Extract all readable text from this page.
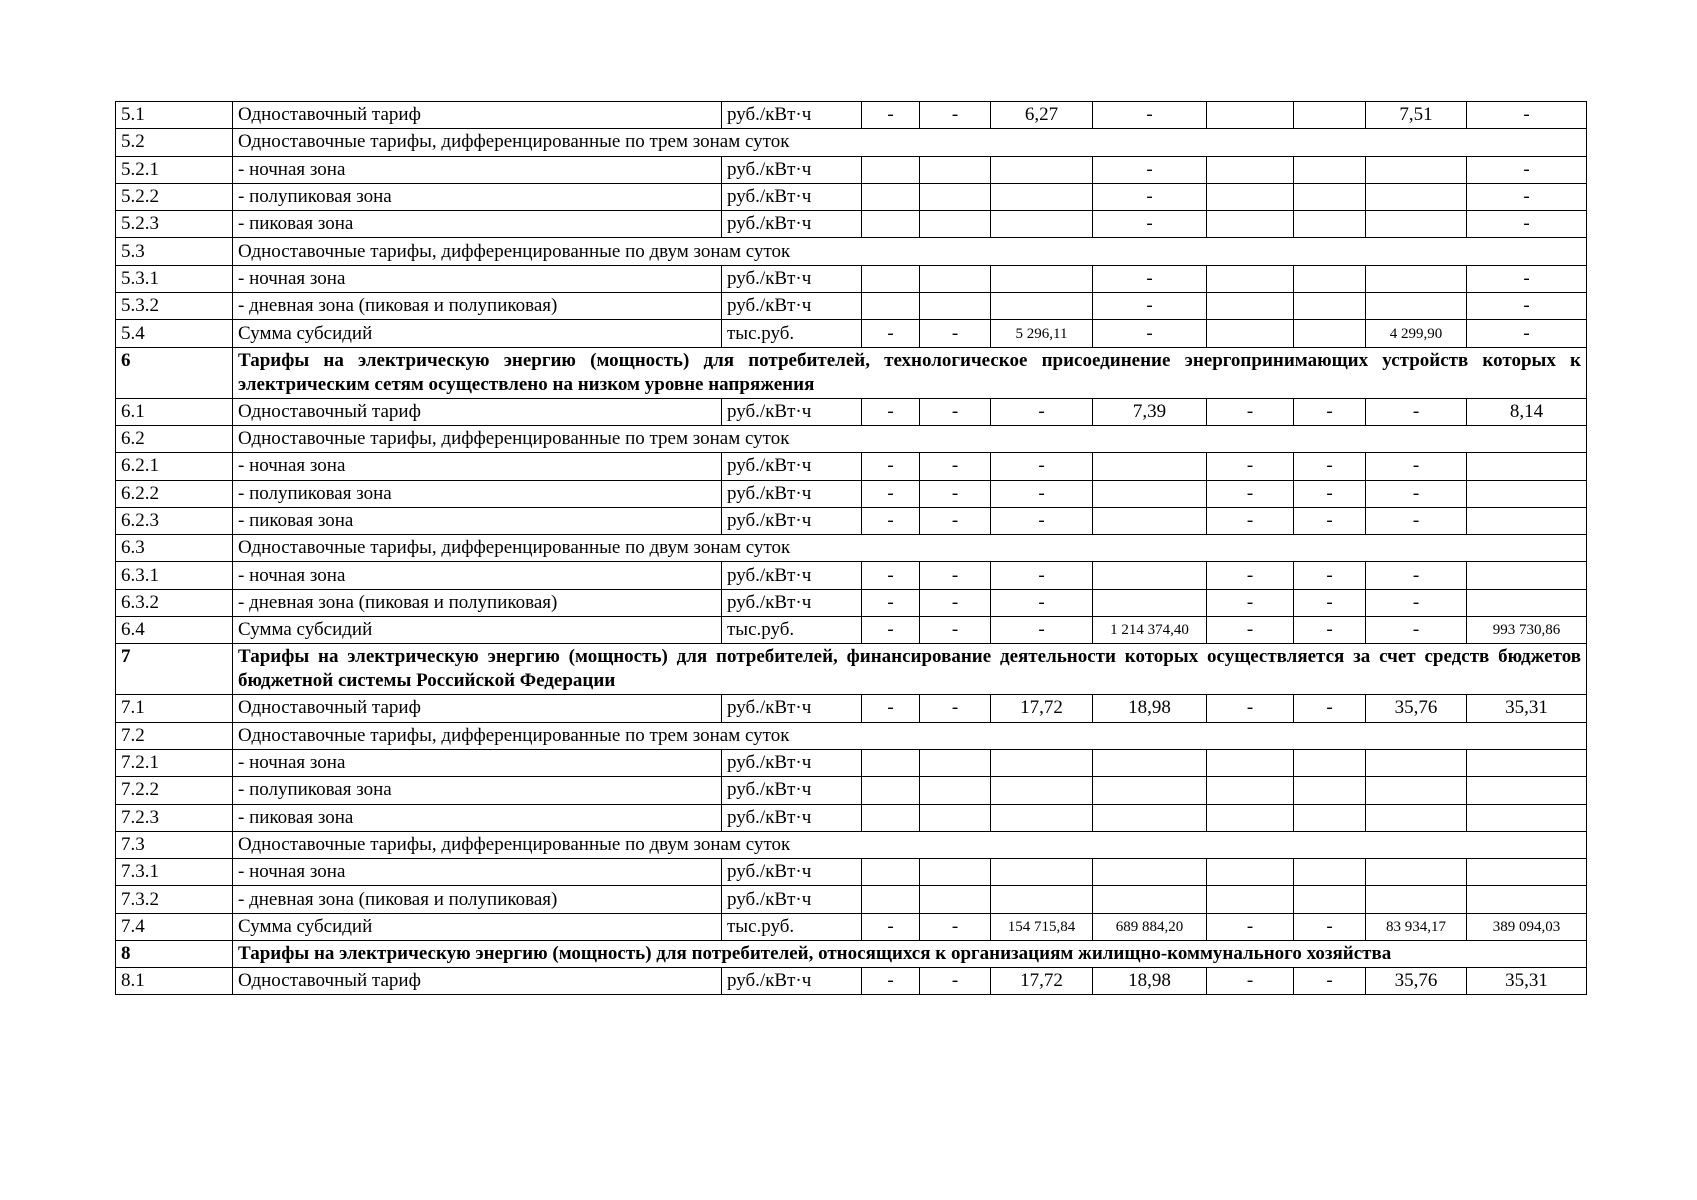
5.1	Одноставочный тариф	руб./кВт·ч	-	-	6,27	-			7,51	-
5.2	Одноставочные тарифы, дифференцированные по трем зонам суток									
5.2.1	- ночная зона	руб./кВт·ч				-				-
5.2.2	- полупиковая зона	руб./кВт·ч				-				-
5.2.3	- пиковая зона	руб./кВт·ч				-				-
5.3	Одноставочные тарифы, дифференцированные по двум зонам суток									
5.3.1	- ночная зона	руб./кВт·ч				-				-
5.3.2	- дневная зона (пиковая и полупиковая)	руб./кВт·ч				-				-
5.4	Сумма субсидий	тыс.руб.	-	-	5 296,11	-			4 299,90	-
6	Тарифы на электрическую энергию (мощность) для потребителей, технологическое присоединение энергопринимающих устройств которых к электрическим сетям осуществлено на низком уровне напряжения									
6.1	Одноставочный тариф	руб./кВт·ч	-	-	-	7,39	-	-	-	8,14
6.2	Одноставочные тарифы, дифференцированные по трем зонам суток									
6.2.1	- ночная зона	руб./кВт·ч	-	-	-		-	-	-	
6.2.2	- полупиковая зона	руб./кВт·ч	-	-	-		-	-	-	
6.2.3	- пиковая зона	руб./кВт·ч	-	-	-		-	-	-	
6.3	Одноставочные тарифы, дифференцированные по двум зонам суток									
6.3.1	- ночная зона	руб./кВт·ч	-	-	-		-	-	-	
6.3.2	- дневная зона (пиковая и полупиковая)	руб./кВт·ч	-	-	-		-	-	-	
6.4	Сумма субсидий	тыс.руб.	-	-	-	1 214 374,40	-	-	-	993 730,86
7	Тарифы на электрическую энергию (мощность) для потребителей, финансирование деятельности которых осуществляется за счет средств бюджетов бюджетной системы Российской Федерации									
7.1	Одноставочный тариф	руб./кВт·ч	-	-	17,72	18,98	-	-	35,76	35,31
7.2	Одноставочные тарифы, дифференцированные по трем зонам суток									
7.2.1	- ночная зона	руб./кВт·ч								
7.2.2	- полупиковая зона	руб./кВт·ч								
7.2.3	- пиковая зона	руб./кВт·ч								
7.3	Одноставочные тарифы, дифференцированные по двум зонам суток									
7.3.1	- ночная зона	руб./кВт·ч								
7.3.2	- дневная зона (пиковая и полупиковая)	руб./кВт·ч								
7.4	Сумма субсидий	тыс.руб.	-	-	154 715,84	689 884,20	-	-	83 934,17	389 094,03
8	Тарифы на электрическую энергию (мощность) для потребителей, относящихся к организациям жилищно-коммунального хозяйства									
8.1	Одноставочный тариф	руб./кВт·ч	-	-	17,72	18,98	-	-	35,76	35,31
